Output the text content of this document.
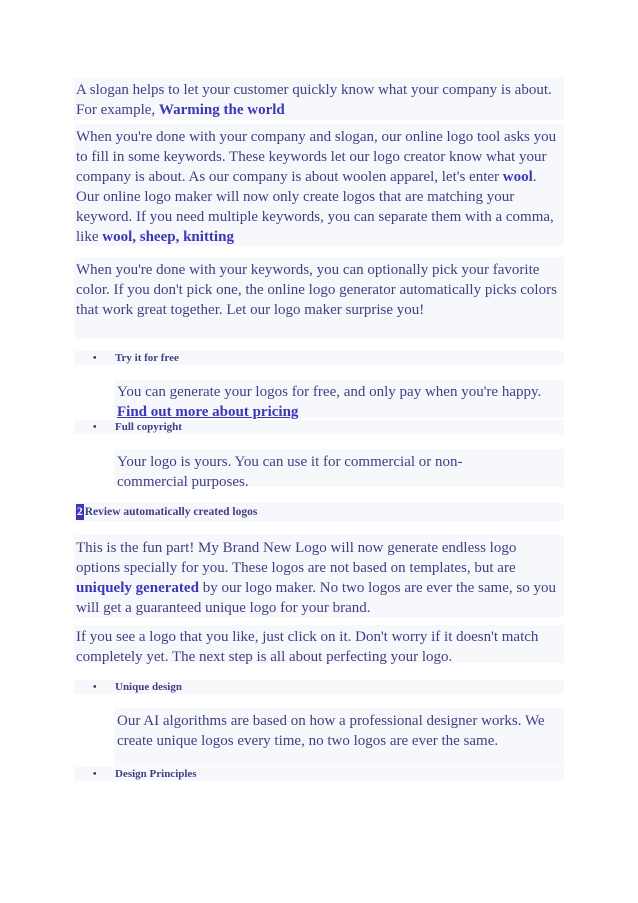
A slogan helps to let your customer quickly know what your company is about. For example, Warming the world

When you're done with your company and slogan, our online logo tool asks you to fill in some keywords. These keywords let our logo creator know what your company is about. As our company is about woolen apparel, let's enter wool. Our online logo maker will now only create logos that are matching your keyword. If you need multiple keywords, you can separate them with a comma, like wool, sheep, knitting

When you're done with your keywords, you can optionally pick your favorite color. If you don't pick one, the online logo generator automatically picks colors that work great together. Let our logo maker surprise you!

• Try it for free

You can generate your logos for free, and only pay when you're happy. Find out more about pricing

• Full copyright

Your logo is yours. You can use it for commercial or non-commercial purposes.

2 Review automatically created logos

This is the fun part! My Brand New Logo will now generate endless logo options specially for you. These logos are not based on templates, but are uniquely generated by our logo maker. No two logos are ever the same, so you will get a guaranteed unique logo for your brand.

If you see a logo that you like, just click on it. Don't worry if it doesn't match completely yet. The next step is all about perfecting your logo.

• Unique design

Our AI algorithms are based on how a professional designer works. We create unique logos every time, no two logos are ever the same.

• Design Principles
